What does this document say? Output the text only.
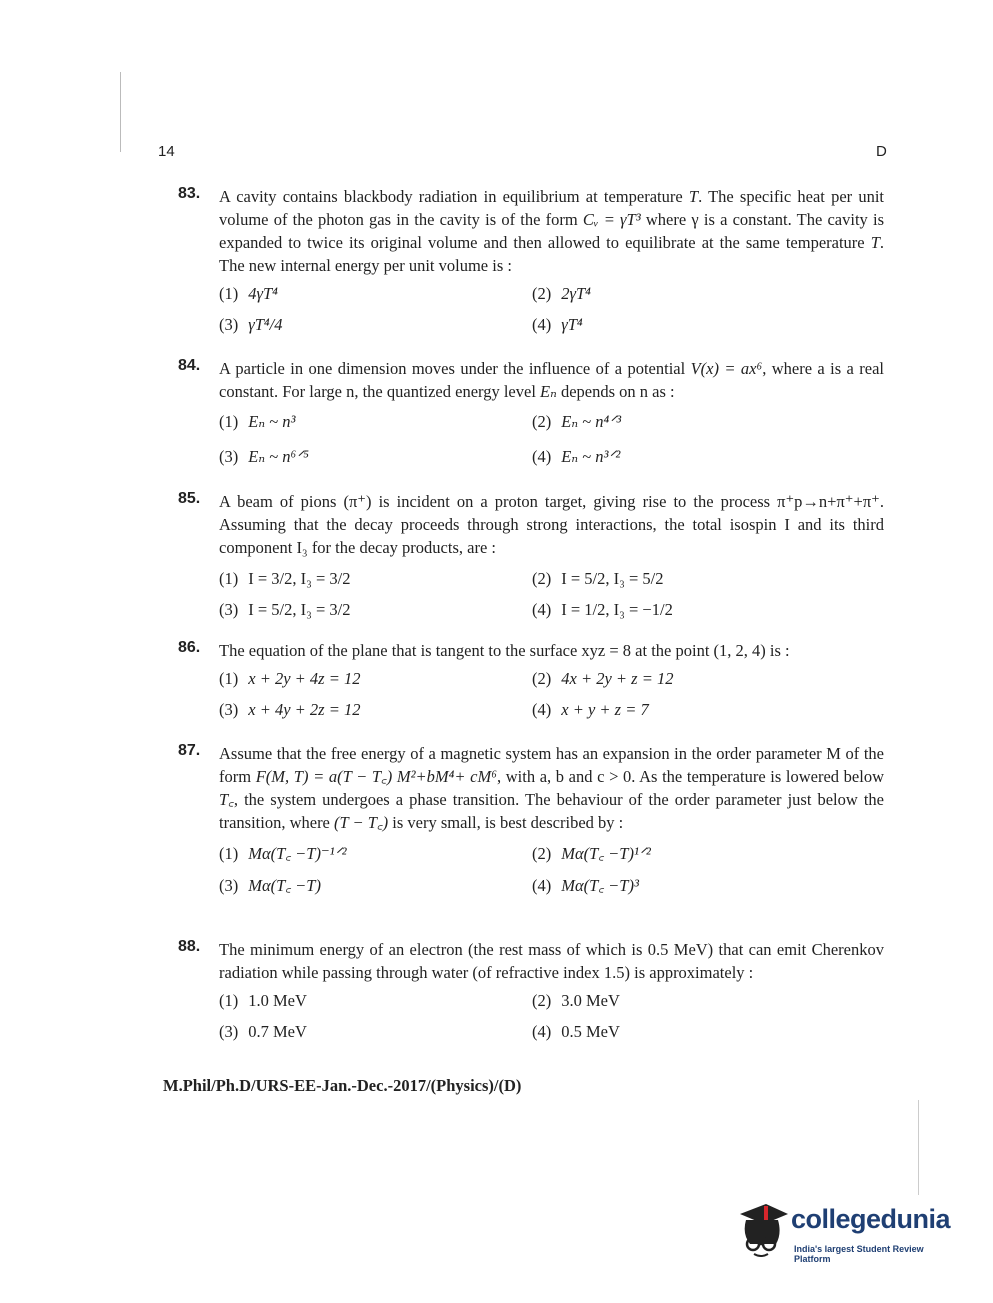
14	D
83. A cavity contains blackbody radiation in equilibrium at temperature T. The specific heat per unit volume of the photon gas in the cavity is of the form Cᵥ = γT³ where γ is a constant. The cavity is expanded to twice its original volume and then allowed to equilibrate at the same temperature T. The new internal energy per unit volume is :
(1) 4γT⁴	(2) 2γT⁴
(3) γT⁴/4	(4) γT⁴
84. A particle in one dimension moves under the influence of a potential V(x) = ax⁶, where a is a real constant. For large n, the quantized energy level Eₙ depends on n as :
(1) Eₙ ~ n³	(2) Eₙ ~ n⁴ᐟ³
(3) Eₙ ~ n⁶ᐟ⁵	(4) Eₙ ~ n³ᐟ²
85. A beam of pions (π⁺) is incident on a proton target, giving rise to the process π⁺p→n+π⁺+π⁺. Assuming that the decay proceeds through strong interactions, the total isospin I and its third component I₃ for the decay products, are :
(1) I = 3/2, I₃ = 3/2	(2) I = 5/2, I₃ = 5/2
(3) I = 5/2, I₃ = 3/2	(4) I = 1/2, I₃ = −1/2
86. The equation of the plane that is tangent to the surface xyz = 8 at the point (1, 2, 4) is :
(1) x + 2y + 4z = 12	(2) 4x + 2y + z = 12
(3) x + 4y + 2z = 12	(4) x + y + z = 7
87. Assume that the free energy of a magnetic system has an expansion in the order parameter M of the form F(M, T) = a(T − T꜀) M²+bM⁴+ cM⁶, with a, b and c > 0. As the temperature is lowered below T꜀, the system undergoes a phase transition. The behaviour of the order parameter just below the transition, where (T − T꜀) is very small, is best described by :
(1) Mα(T꜀ −T)⁻¹ᐟ²	(2) Mα(T꜀ −T)¹ᐟ²
(3) Mα(T꜀ −T)	(4) Mα(T꜀ −T)³
88. The minimum energy of an electron (the rest mass of which is 0.5 MeV) that can emit Cherenkov radiation while passing through water (of refractive index 1.5) is approximately :
(1) 1.0 MeV	(2) 3.0 MeV
(3) 0.7 MeV	(4) 0.5 MeV
M.Phil/Ph.D/URS-EE-Jan.-Dec.-2017/(Physics)/(D)
collegedunia
India's largest Student Review Platform
